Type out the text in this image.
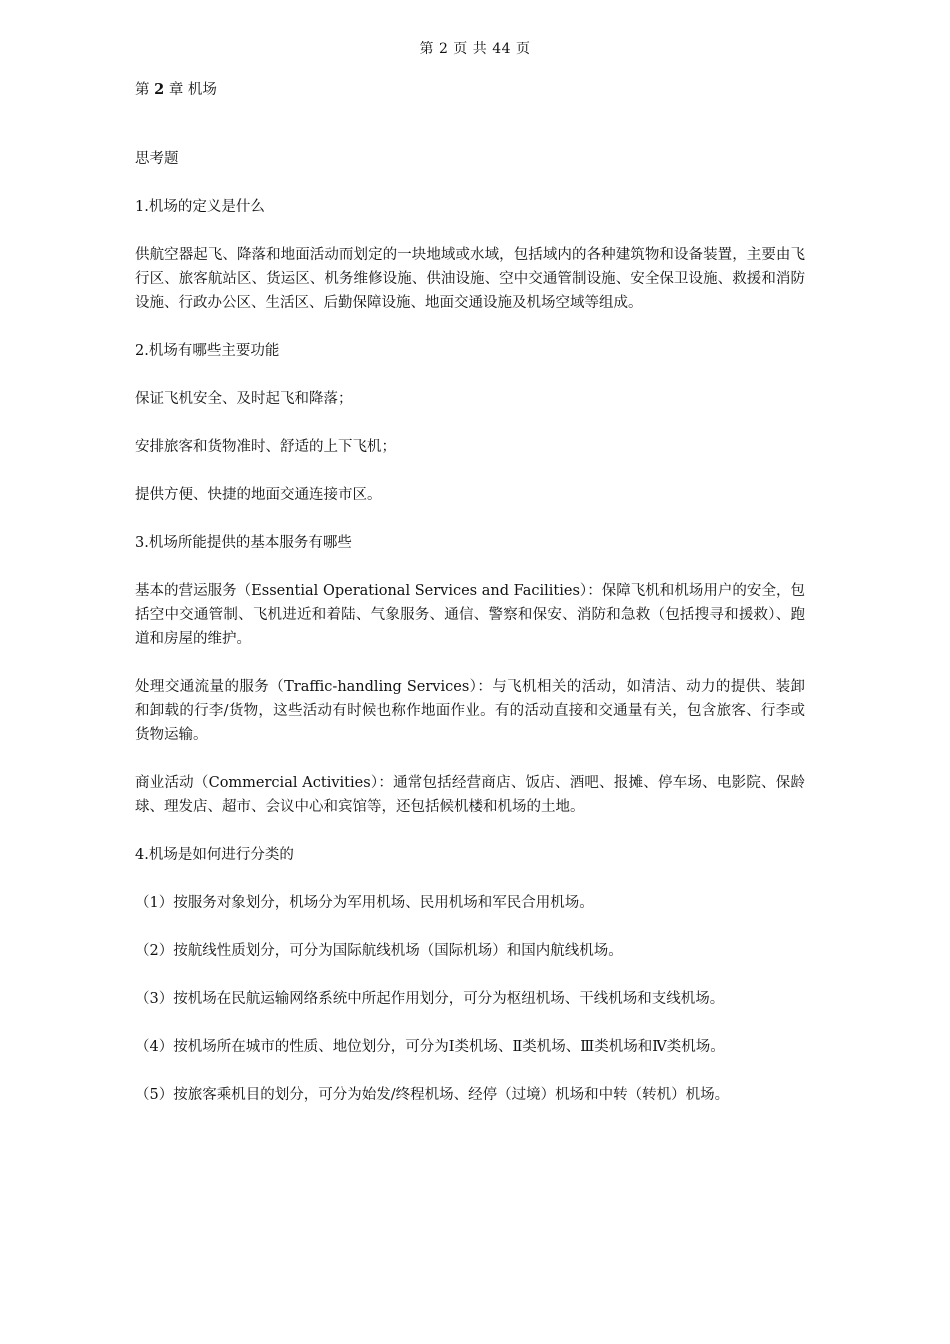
第 2 页 共 44 页
第 2 章 机场
思考题
1.机场的定义是什么
供航空器起飞、降落和地面活动而划定的一块地域或水域，包括域内的各种建筑物和设备装置，主要由飞行区、旅客航站区、货运区、机务维修设施、供油设施、空中交通管制设施、安全保卫设施、救援和消防设施、行政办公区、生活区、后勤保障设施、地面交通设施及机场空域等组成。
2.机场有哪些主要功能
保证飞机安全、及时起飞和降落；
安排旅客和货物准时、舒适的上下飞机；
提供方便、快捷的地面交通连接市区。
3.机场所能提供的基本服务有哪些
基本的营运服务（Essential Operational Services and Facilities）：保障飞机和机场用户的安全，包括空中交通管制、飞机进近和着陆、气象服务、通信、警察和保安、消防和急救（包括搜寻和援救）、跑道和房屋的维护。
处理交通流量的服务（Traffic-handling Services）：与飞机相关的活动，如清洁、动力的提供、装卸和卸载的行李/货物，这些活动有时候也称作地面作业。有的活动直接和交通量有关，包含旅客、行李或货物运输。
商业活动（Commercial Activities）：通常包括经营商店、饭店、酒吧、报摊、停车场、电影院、保龄球、理发店、超市、会议中心和宾馆等，还包括候机楼和机场的土地。
4.机场是如何进行分类的
（1）按服务对象划分，机场分为军用机场、民用机场和军民合用机场。
（2）按航线性质划分，可分为国际航线机场（国际机场）和国内航线机场。
（3）按机场在民航运输网络系统中所起作用划分，可分为枢纽机场、干线机场和支线机场。
（4）按机场所在城市的性质、地位划分，可分为Ⅰ类机场、Ⅱ类机场、Ⅲ类机场和Ⅳ类机场。
（5）按旅客乘机目的划分，可分为始发/终程机场、经停（过境）机场和中转（转机）机场。
